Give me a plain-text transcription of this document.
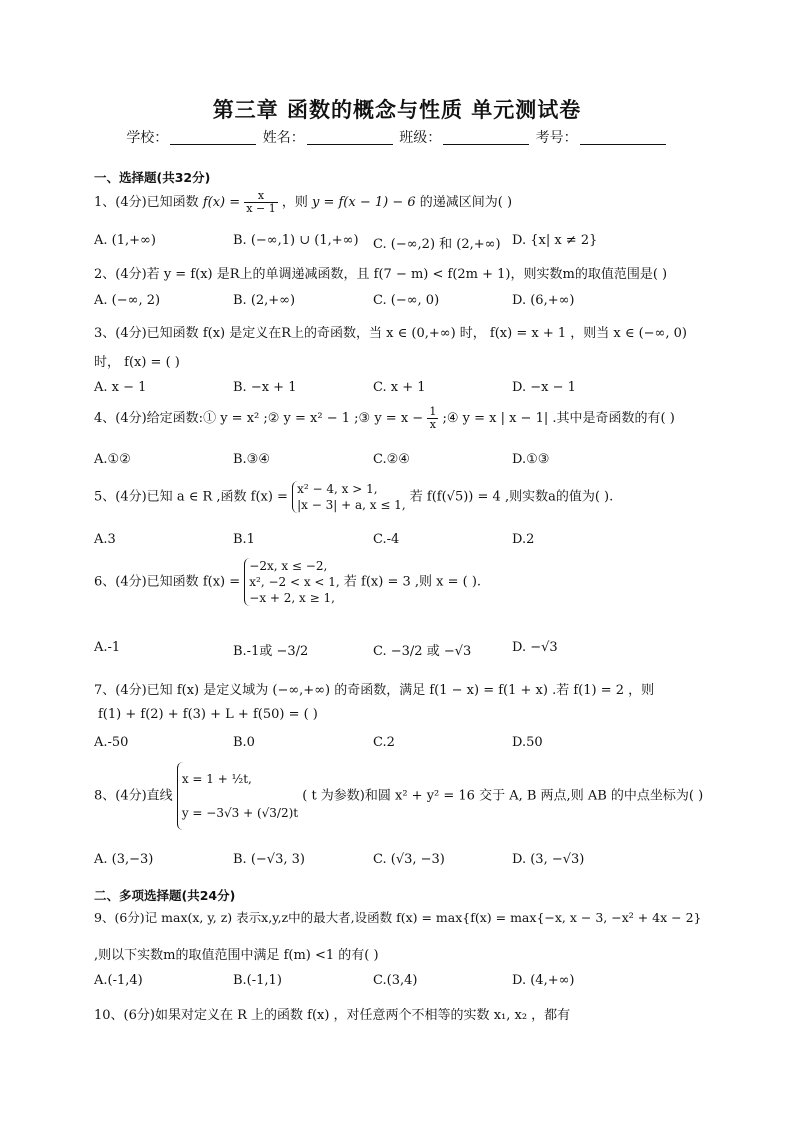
第三章 函数的概念与性质 单元测试卷
学校：	姓名：	班级：	考号：
一、选择题(共32分)
1、(4分)已知函数 $f(x) = \frac{x}{x - 1}$ ，则 y = f(x − 1) − 6 的递减区间为( )
A. (1,+∞)	B. (−∞,1) ∪ (1,+∞) C. (−∞,2) 和 (2,+∞) D. {x| x ≠ 2}
2、(4分)若 y = f(x) 是R上的单调递减函数，且 f(7 − m) < f(2m + 1)，则实数m的取值范围是( )
A. (−∞, 2)	B. (2,+∞)	C. (−∞, 0)	D. (6,+∞)
3、(4分)已知函数 f(x) 是定义在R上的奇函数，当 x ∈ (0,+∞) 时， f(x) = x + 1 ，则当 x ∈ (−∞, 0)
时， f(x) = ( )
A. x − 1	B. −x + 1	C. x + 1	D. −x − 1
4、(4分)给定函数:① y = x² ;② y = x² − 1 ;③ $y = x - \frac{1}{x}$ ;④ y = x | x − 1| .其中是奇函数的有( )
A.①②	B.③④	C.②④	D.①③
5、(4分)已知 a ∈ R ,函数 f(x) =
x² − 4, x > 1,
|x − 3| + a, x ≤ 1,
若 f(f(√5)) = 4 ,则实数a的值为( ).
A.3	B.1	C.-4	D.2
6、(4分)已知函数 f(x) =
−2x, x ≤ −2,
x², −2 < x < 1,
−x + 2, x ≥ 1,
若 f(x) = 3 ,则 x = ( ).
A.-1	B.-1或 −3/2	C. −3/2 或 −√3	D. −√3
7、(4分)已知 f(x) 是定义域为 (−∞,+∞) 的奇函数，满足 f(1 − x) = f(1 + x) .若 f(1) = 2 ，则
f(1) + f(2) + f(3) + L + f(50) = ( )
A.-50	B.0	C.2	D.50
8、(4分)直线
x = 1 + ½t,
y = −3√3 + (√3/2)t
( t 为参数)和圆 x² + y² = 16 交于 A, B 两点,则 AB 的中点坐标为( )
A. (3,−3)	B. (−√3, 3)	C. (√3, −3)	D. (3, −√3)
二、多项选择题(共24分)
9、(6分)记 max(x, y, z) 表示x,y,z中的最大者,设函数 f(x) = max{f(x) = max{−x, x − 3, −x² + 4x − 2}
,则以下实数m的取值范围中满足 f(m) <1 的有( )
A.(-1,4)	B.(-1,1)	C.(3,4)	D. (4,+∞)
10、(6分)如果对定义在 R 上的函数 f(x) ，对任意两个不相等的实数 x₁, x₂ ，都有
